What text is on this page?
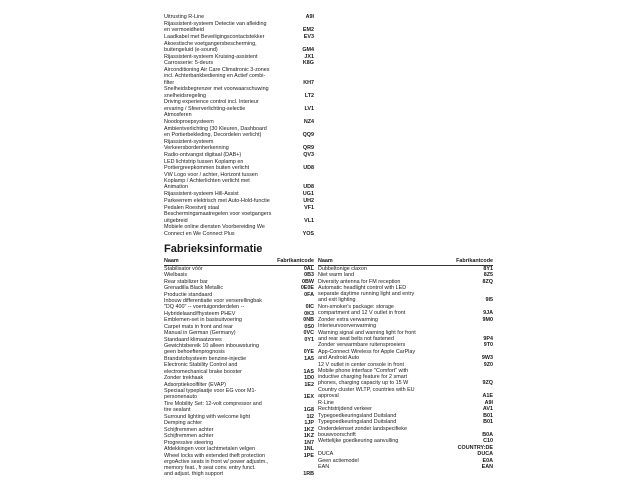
Uitrusting R-Line	A9I
Rijassistent-systeem Detectie van afleiding
en vermoeidheid	EM2
Laadkabel met Beveiligingscontactstekker	EV3
Akoestische voetgangersbescherming,
buitengeluid (e-sound)	GM4
Rijassistent-systeem Kruising-assistent	JX1
Carrosserie: 5-deurs	K8G
Airconditioning Air Care Climatronic 3-zones
incl. Achterbankbediening en Actief combi-
filter	KH7
Snelheidsbegrenzer met voorwaarschuwing
snelheidsregeling	LT2
Driving experience control incl. Interieur
ervaring / Sfeerverlichting-selectie	LV1
Atmosferen
Noodoproepsysteem	NZ4
Ambientverlichting (30 Kleuren, Dashboard
en Portierbekleding, Decordelen verlicht)	QQ9
Rijassistent-systeem
Verkeersbordenherkenning	QR9
Radio-ontvangst digitaal (DAB+)	QV3
LED lichtstrip tussen Koplamp en
Portiergreepkommen buiten verlicht	UD8
VW Logo voor / achter, Horizont tussen
Koplamp / Achterlichten verlicht met
Animation	UD8
Rijassistent-systeem Hill-Assist	UG1
Parkeerrem elektrisch met Auto-Hold-functie	UH2
Pedalen Roestvrij staal	VF1
Beschermingsmaatregelen voor voetgangers
uitgebreid	VL1
Mobiele online diensten Voorbereiding We
Connect en We Connect Plus	YOS
Fabrieksinformatie
Naam	Fabrikantcode
Stabilisator vóór	0AL
Wielbasis	0B3
Rear stabilizer bar	0BW
Grenadilla Black Metallic	0E0E
Productie standaard	0FA
Inbouw differentiatie voor verserellingbak
"DQ 400" -- voertuigonderdelen --	0IC
Hybridelaand/fhysteem PHEV	0K3
Emblemen-set in basisuitvoering	0NB
Carpet mats in front and rear	0S0
Manual in German (Germany)	0VC
Standaard klimaatzones	0Y1
Gewichtsbereik 10 alleen inbouwsturing
geen behoeftenprognosis	0YE
Brandstofsysteem benzine-injectie	1A5
Electronic Stability Control and
electromechanical brake booster	1AS
Zonder trekhaak	1D0
Adsorptiekoolfilter (EVAP)	1E2
Speciaal typeplaatje voor EG voor M1-
personenauto	1EX
Tire Mobility Set: 12-volt compressor and
tire sealant	1G8
Surround lighting with welcome light	1I2
Demping achter	1JP
Schijfremmen achter	1KZ
Schijfremmen achter	1KZ
Progressive steering	1N7
Afdekkingen voor lachtmetalen velgen	1NL
Wheel locks with extended theft protection	1PE
ergoActive seats in front w/ power adjustm.,
memory feat., fr seat conv. entry funct.
and adjust. thigh support	1RB
Naam	Fabrikantcode
Dubbeltonige claxon	8Y1
Niet warm land	8Z5
Diversity antenna for FM reception	8ZQ
Automatic headlight control with LED
separate daytime running light and entry
and exit lighting	9I5
Non-smoker's package: storage
compartment and 12 V outlet in front	9JA
Zonder extra verwarming	9M0
Interieurvoorverwarming
Warning signal and warning light for front
and rear seat belts not fastened	9P4
Zonder verwarmbare ruitensproeiers	9T0
App-Connect Wireless for Apple CarPlay
and Android Auto	9W3
12 V outlet in center console in front	9Z0
Mobile phone interface "Comfort" with
inductive charging feature for 2 smart
phones, charging capacity up to 15 W	9ZQ
Country cluster WLTP, countries with EU
approval	A1E
R-Line	A9I
Rechtstrijdend verkeer	AV1
Typegoedkeuringsland Duitsland	B01
Typegoedkeuringsland Duitsland	B01
Onderdelenset zonder landspecifieke
bouwvoorschrift	B0A
Wettelijke goedkeuring aanvulling	C10
COUNTRY:DE
DUCA	DUCA
Geen actiemodel	E0A
EAN	EAN
